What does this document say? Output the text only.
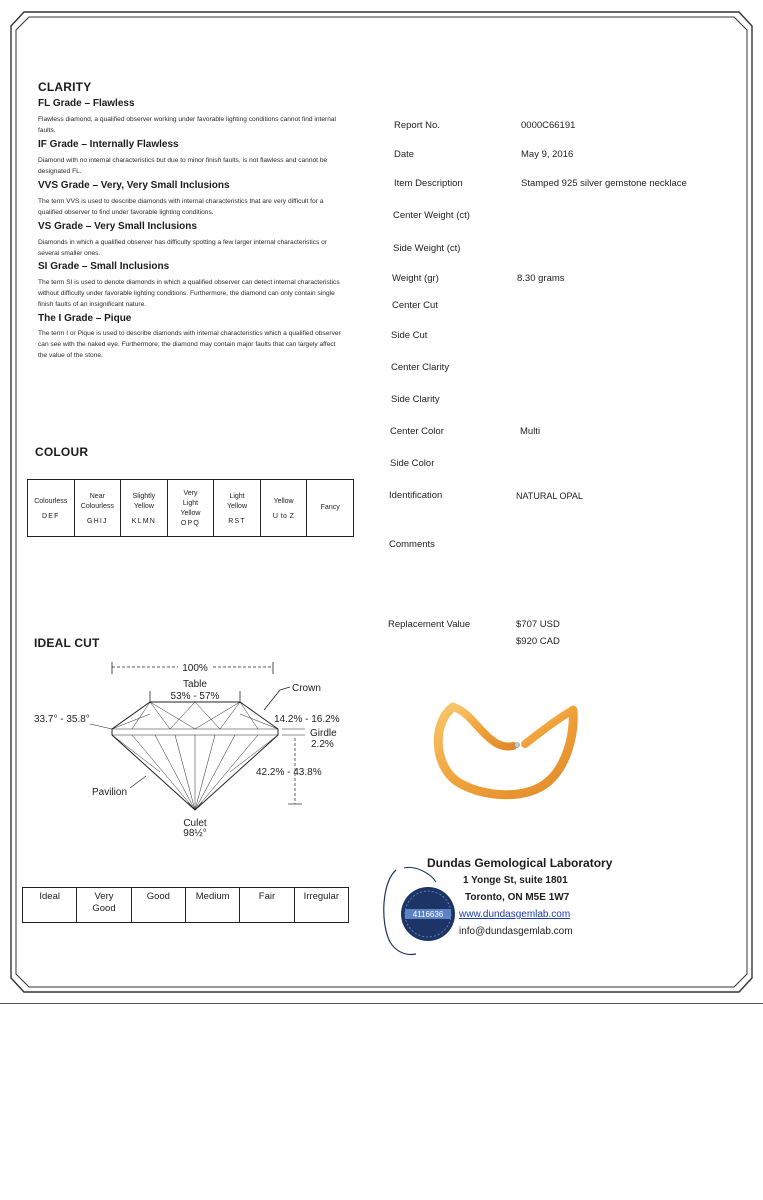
CLARITY
FL Grade – Flawless
Flawless diamond, a qualified observer working under favorable lighting conditions cannot find internal faults.
IF Grade – Internally Flawless
Diamond with no internal characteristics but due to minor finish faults, is not flawless and cannot be designated FL.
VVS Grade – Very, Very Small Inclusions
The term VVS is used to describe diamonds with internal characteristics that are very difficult for a qualified observer to find under favorable lighting conditions.
VS Grade – Very Small Inclusions
Diamonds in which a qualified observer has difficulty spotting a few larger internal characteristics or several smaller ones.
SI Grade – Small Inclusions
The term SI is used to denote diamonds in which a qualified observer can detect internal characteristics without difficulty under favorable lighting conditions. Furthermore, the diamond can only contain single finish faults of an insignificant nature.
The I Grade – Pique
The term I or Pique is used to describe diamonds with internal characteristics which a qualified observer can see with the naked eye. Furthermore, the diamond may contain major faults that can largely affect the value of the stone.
COLOUR
Colourless
DEF

Near Colourless
GHIJ

Slightly Yellow
KLMN

Very Light Yellow
OPQ

Light Yellow
RST

Yellow
U to Z

Fancy
IDEAL CUT
100%
Table
53% - 57%
Crown
33.7° - 35.8°	14.2% - 16.2%
Girdle
2.2%
42.2% - 43.8%
Pavilion
Culet
98½°
Ideal	Very Good	Good	Medium	Fair	Irregular
Report No.	0000C66191
Date	May 9, 2016
Item Description	Stamped 925 silver gemstone necklace
Center Weight (ct)
Side Weight (ct)
Weight (gr)	8.30 grams
Center Cut
Side Cut
Center Clarity
Side Clarity
Center Color	Multi
Side Color
Identification	NATURAL OPAL
Comments
Replacement Value	$707 USD
$920 CAD
4116636
Dundas Gemological Laboratory
1 Yonge St, suite 1801
Toronto, ON M5E 1W7
www.dundasgemlab.com
info@dundasgemlab.com
